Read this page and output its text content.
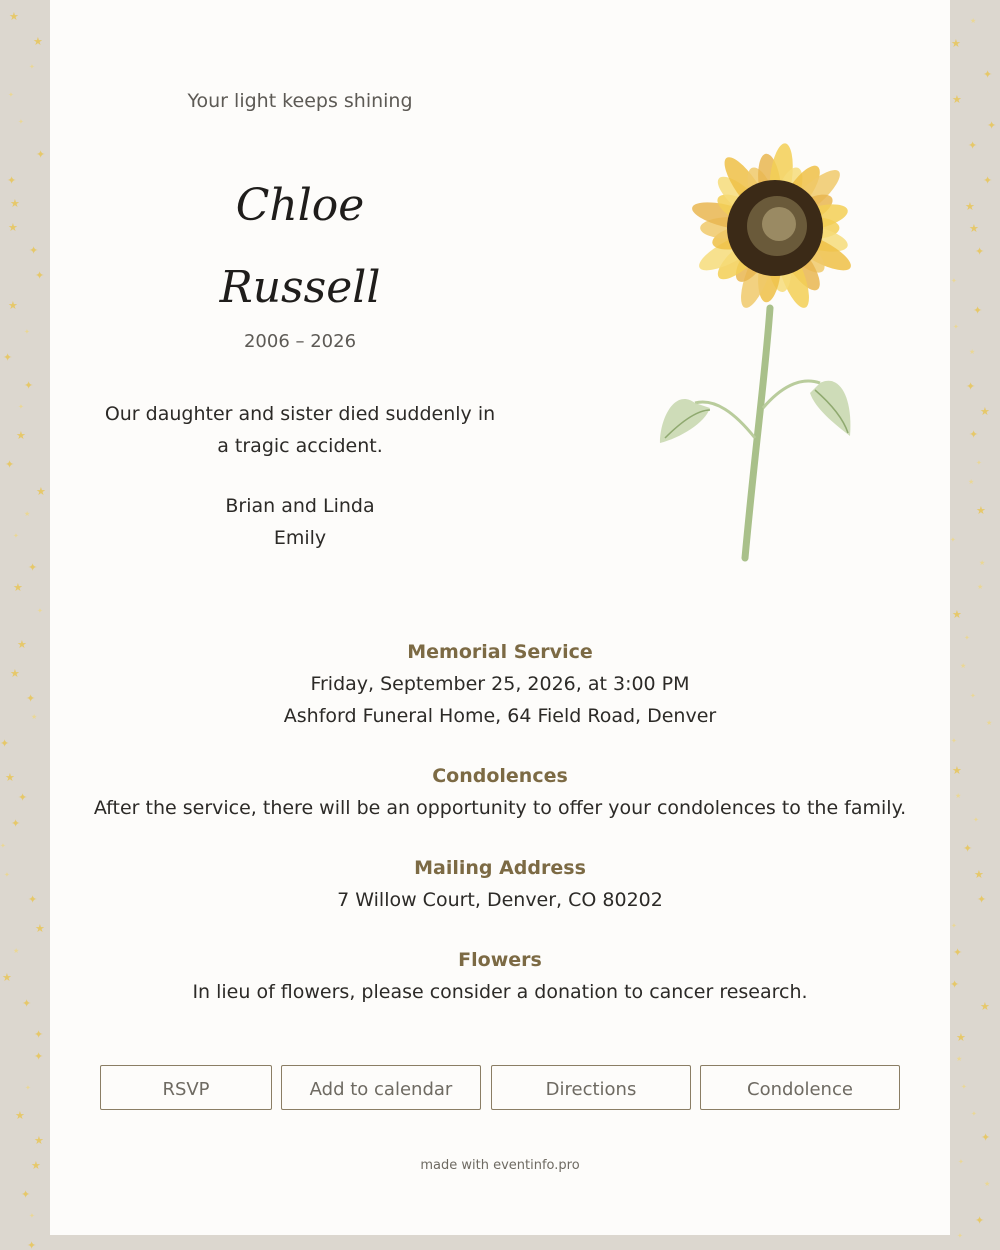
★
★
✦
✦
✦
✦
✦
★
★
✦
✦
★
✦
✦
✦
✦
★
✦
★
★
✦
✦
★
✦
★
★
✦
★
✦
★
✦
✦
✦
✦
✦
★
★
★
✦
✦
✦
✦
★
★
★
✦
✦
✦
★
★
✦
★
✦
✦
✦
★
★
✦
✦
✦
✦
★
✦
★
✦
✦
★
★
✦
★
★
★
✦
★
✦
★
✦
★
★
✦
✦
★
✦
✦
✦
✦
★
★
★
✦
✦
✦
✦
★
✦
✦
Your light keeps shining
Chloe
Russell
2006 – 2026
Our daughter and sister died suddenly in a tragic accident.
Brian and Linda
Emily
Memorial Service
Friday, September 25, 2026, at 3:00 PM
Ashford Funeral Home, 64 Field Road, Denver
Condolences
After the service, there will be an opportunity to offer your condolences to the family.
Mailing Address
7 Willow Court, Denver, CO 80202
Flowers
In lieu of flowers, please consider a donation to cancer research.
RSVP	Add to calendar	Directions	Condolence
made with eventinfo.pro
